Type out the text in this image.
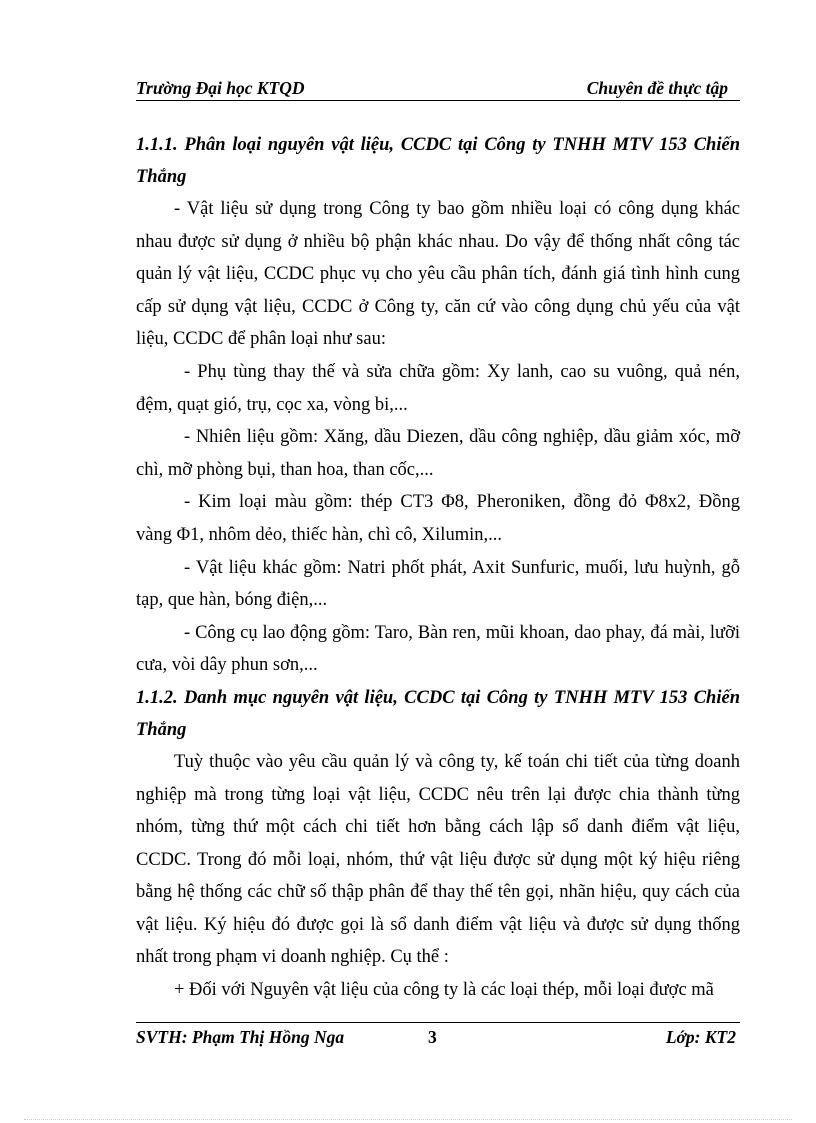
Trường Đại học KTQD	Chuyên đề thực tập

1.1.1. Phân loại nguyên vật liệu, CCDC tại Công ty TNHH MTV 153 Chiến Thắng

- Vật liệu sử dụng trong Công ty bao gồm nhiều loại có công dụng khác nhau được sử dụng ở nhiều bộ phận khác nhau. Do vậy để thống nhất công tác quản lý vật liệu, CCDC phục vụ cho yêu cầu phân tích, đánh giá tình hình cung cấp sử dụng vật liệu, CCDC ở Công ty, căn cứ vào công dụng chủ yếu của vật liệu, CCDC để phân loại như sau:

- Phụ tùng thay thế và sửa chữa gồm: Xy lanh, cao su vuông, quả nén, đệm, quạt gió, trụ, cọc xa, vòng bi,...

- Nhiên liệu gồm: Xăng, dầu Diezen, dầu công nghiệp, dầu giảm xóc, mỡ chì, mỡ phòng bụi, than hoa, than cốc,...

- Kim loại màu gồm: thép CT3 Φ8, Pheroniken, đồng đỏ Φ8x2, Đồng vàng Φ1, nhôm dẻo, thiếc hàn, chì cô, Xilumin,...

- Vật liệu khác gồm: Natri phốt phát, Axit Sunfuric, muối, lưu huỳnh, gỗ tạp, que hàn, bóng điện,...

- Công cụ lao động gồm: Taro, Bàn ren, mũi khoan, dao phay, đá mài, lưỡi cưa, vòi dây phun sơn,...

1.1.2. Danh mục nguyên vật liệu, CCDC tại Công ty TNHH MTV 153 Chiến Thắng

Tuỳ thuộc vào yêu cầu quản lý và công ty, kế toán chi tiết của từng doanh nghiệp mà trong từng loại vật liệu, CCDC nêu trên lại được chia thành từng nhóm, từng thứ một cách chi tiết hơn bằng cách lập sổ danh điểm vật liệu, CCDC. Trong đó mỗi loại, nhóm, thứ vật liệu được sử dụng một ký hiệu riêng bằng hệ thống các chữ số thập phân để thay thế tên gọi, nhãn hiệu, quy cách của vật liệu. Ký hiệu đó được gọi là sổ danh điểm vật liệu và được sử dụng thống nhất trong phạm vi doanh nghiệp. Cụ thể :

+ Đối với Nguyên vật liệu của công ty là các loại thép, mỗi loại được mã

SVTH: Phạm Thị Hồng Nga	3	Lớp: KT2
